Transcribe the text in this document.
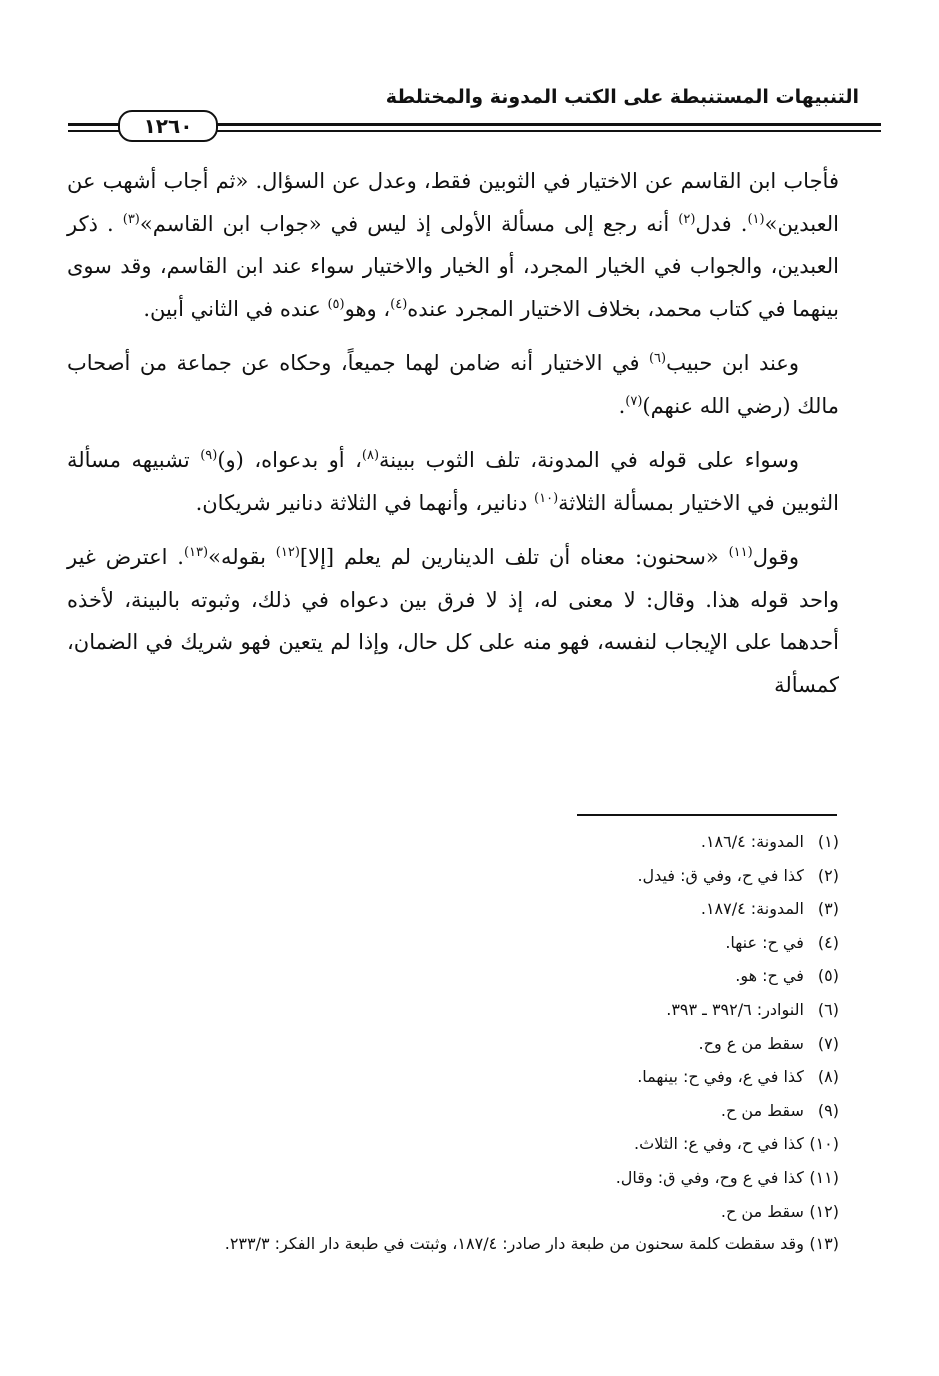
التنبيهات المستنبطة على الكتب المدونة والمختلطة
١٢٦٠

فأجاب ابن القاسم عن الاختيار في الثوبين فقط، وعدل عن السؤال. «ثم أجاب أشهب عن العبدين»$^{(١)}$. فدل$^{(٢)}$ أنه رجع إلى مسألة الأولى إذ ليس في «جواب ابن القاسم»$^{(٣)}$ . ذكر العبدين، والجواب في الخيار المجرد، أو الخيار والاختيار سواء عند ابن القاسم، وقد سوى بينهما في كتاب محمد، بخلاف الاختيار المجرد عنده$^{(٤)}$، وهو$^{(٥)}$ عنده في الثاني أبين.

وعند ابن حبيب$^{(٦)}$ في الاختيار أنه ضامن لهما جميعاً، وحكاه عن جماعة من أصحاب مالك (رضي الله عنهم)$^{(٧)}$.

وسواء على قوله في المدونة، تلف الثوب ببينة$^{(٨)}$، أو بدعواه، (و)$^{(٩)}$ تشبيهه مسألة الثوبين في الاختيار بمسألة الثلاثة$^{(١٠)}$ دنانير، وأنهما في الثلاثة دنانير شريكان.

وقول$^{(١١)}$ «سحنون: معناه أن تلف الدينارين لم يعلم [إلا]$^{(١٢)}$ بقوله»$^{(١٣)}$. اعترض غير واحد قوله هذا. وقال: لا معنى له، إذ لا فرق بين دعواه في ذلك، وثبوته بالبينة، لأخذه أحدهما على الإيجاب لنفسه، فهو منه على كل حال، وإذا لم يتعين فهو شريك في الضمان، كمسألة

(١) المدونة: ١٨٦/٤.
(٢) كذا في ح، وفي ق: فيدل.
(٣) المدونة: ١٨٧/٤.
(٤) في ح: عنها.
(٥) في ح: هو.
(٦) النوادر: ٣٩٢/٦ ـ ٣٩٣.
(٧) سقط من ع وح.
(٨) كذا في ع، وفي ح: بينهما.
(٩) سقط من ح.
(١٠) كذا في ح، وفي ع: الثلاث.
(١١) كذا في ع وح، وفي ق: وقال.
(١٢) سقط من ح.
(١٣) وقد سقطت كلمة سحنون من طبعة دار صادر: ١٨٧/٤، وثبتت في طبعة دار الفكر: ٢٣٣/٣.
